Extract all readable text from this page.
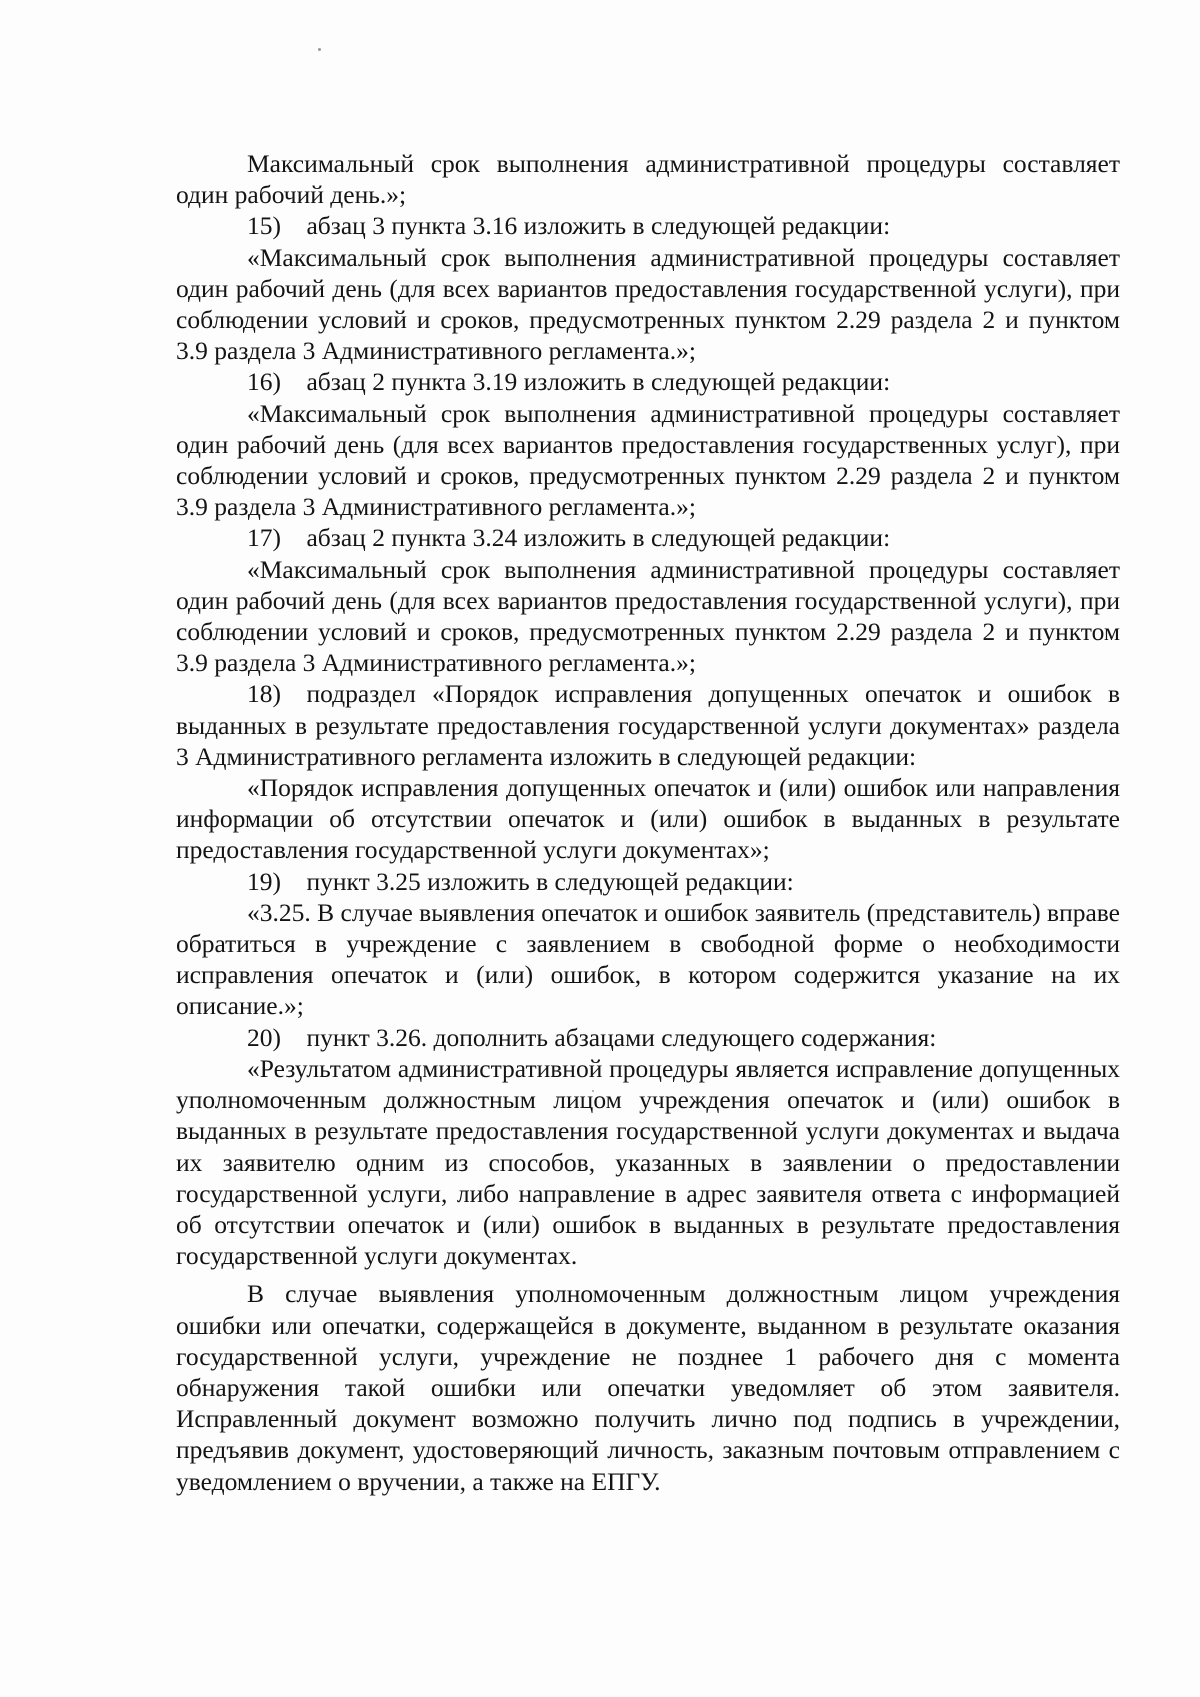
Максимальный срок выполнения административной процедуры составляет один рабочий день.»;

15) абзац 3 пункта 3.16 изложить в следующей редакции:

«Максимальный срок выполнения административной процедуры составляет один рабочий день (для всех вариантов предоставления государственной услуги), при соблюдении условий и сроков, предусмотренных пунктом 2.29 раздела 2 и пунктом 3.9 раздела 3 Административного регламента.»;

16) абзац 2 пункта 3.19 изложить в следующей редакции:

«Максимальный срок выполнения административной процедуры составляет один рабочий день (для всех вариантов предоставления государственных услуг), при соблюдении условий и сроков, предусмотренных пунктом 2.29 раздела 2 и пунктом 3.9 раздела 3 Административного регламента.»;

17) абзац 2 пункта 3.24 изложить в следующей редакции:

«Максимальный срок выполнения административной процедуры составляет один рабочий день (для всех вариантов предоставления государственной услуги), при соблюдении условий и сроков, предусмотренных пунктом 2.29 раздела 2 и пунктом 3.9 раздела 3 Административного регламента.»;

18) подраздел «Порядок исправления допущенных опечаток и ошибок в выданных в результате предоставления государственной услуги документах» раздела 3 Административного регламента изложить в следующей редакции:

«Порядок исправления допущенных опечаток и (или) ошибок или направления информации об отсутствии опечаток и (или) ошибок в выданных в результате предоставления государственной услуги документах»;

19) пункт 3.25 изложить в следующей редакции:

«3.25. В случае выявления опечаток и ошибок заявитель (представитель) вправе обратиться в учреждение с заявлением в свободной форме о необходимости исправления опечаток и (или) ошибок, в котором содержится указание на их описание.»;

20) пункт 3.26. дополнить абзацами следующего содержания:

«Результатом административной процедуры является исправление допущенных уполномоченным должностным лицом учреждения опечаток и (или) ошибок в выданных в результате предоставления государственной услуги документах и выдача их заявителю одним из способов, указанных в заявлении о предоставлении государственной услуги, либо направление в адрес заявителя ответа с информацией об отсутствии опечаток и (или) ошибок в выданных в результате предоставления государственной услуги документах.

В случае выявления уполномоченным должностным лицом учреждения ошибки или опечатки, содержащейся в документе, выданном в результате оказания государственной услуги, учреждение не позднее 1 рабочего дня с момента обнаружения такой ошибки или опечатки уведомляет об этом заявителя. Исправленный документ возможно получить лично под подпись в учреждении, предъявив документ, удостоверяющий личность, заказным почтовым отправлением с уведомлением о вручении, а также на ЕПГУ.
